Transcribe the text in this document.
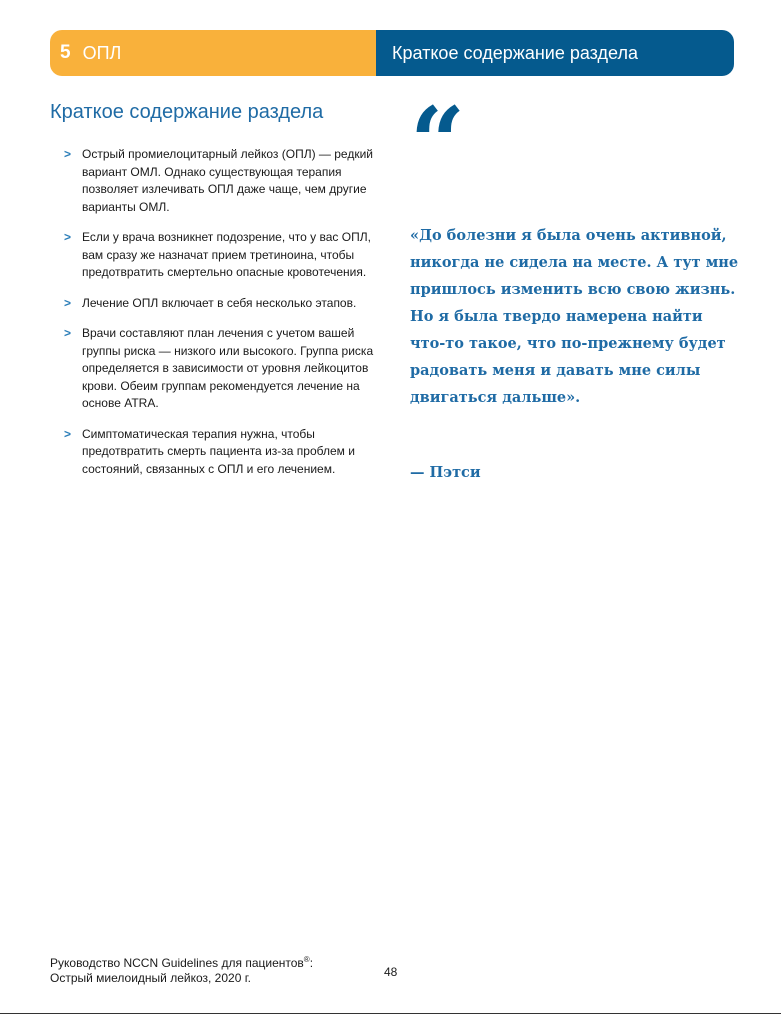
5 ОПЛ	Краткое содержание раздела
Краткое содержание раздела
> Острый промиелоцитарный лейкоз (ОПЛ) — редкий вариант ОМЛ. Однако существующая терапия позволяет излечивать ОПЛ даже чаще, чем другие варианты ОМЛ.
> Если у врача возникнет подозрение, что у вас ОПЛ, вам сразу же назначат прием третиноина, чтобы предотвратить смертельно опасные кровотечения.
> Лечение ОПЛ включает в себя несколько этапов.
> Врачи составляют план лечения с учетом вашей группы риска — низкого или высокого. Группа риска определяется в зависимости от уровня лейкоцитов крови. Обеим группам рекомендуется лечение на основе ATRA.
> Симптоматическая терапия нужна, чтобы предотвратить смерть пациента из-за проблем и состояний, связанных с ОПЛ и его лечением.
“

«До болезни я была очень активной, никогда не сидела на месте. А тут мне пришлось изменить всю свою жизнь. Но я была твердо намерена найти что-то такое, что по-прежнему будет радовать меня и давать мне силы двигаться дальше».

— Пэтси

Руководство NCCN Guidelines для пациентов®:
Острый миелоидный лейкоз, 2020 г.	48
